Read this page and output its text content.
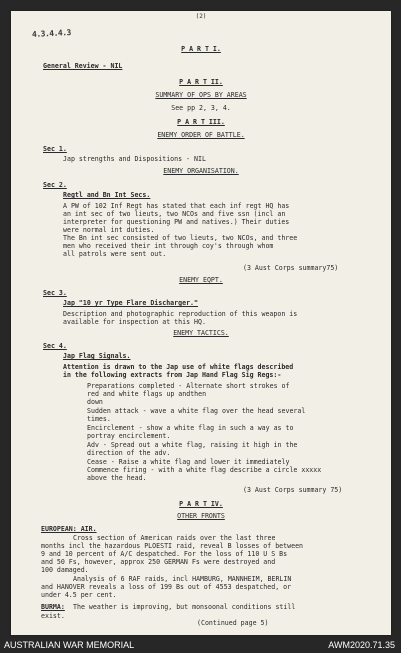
4.3.4.4.3
(2)
P A R T I.
General Review - NIL
P A R T II.
SUMMARY OF OPS BY AREAS
See pp 2, 3, 4.
P A R T III.
ENEMY ORDER OF BATTLE.
Sec 1.
Jap strengths and Dispositions - NIL
ENEMY ORGANISATION.
Sec 2.
Regtl and Bn Int Secs.
A PW of 102 Inf Regt has stated that each inf regt HQ has
an int sec of two lieuts, two NCOs and five ssn (incl an
interpreter for questioning PW and natives.) Their duties
were normal int duties.
The Bn int sec consisted of two lieuts, two NCOs, and three
men who received their int through coy's through whom
all patrols were sent out.
(3 Aust Corps summary75)
ENEMY EQPT.
Sec 3.
Jap "10 yr Type Flare Discharger."
Description and photographic reproduction of this weapon is
available for inspection at this HQ.
ENEMY TACTICS.
Sec 4.
Jap Flag Signals.
Attention is drawn to the Jap use of white flags described
in the following extracts from Jap Hand Flag Sig Regs:-
Preparations completed - Alternate short strokes of
red and white flags up andthen
down
Sudden attack - wave a white flag over the head several
times.
Encirclement - show a white flag in such a way as to
portray encirclement.
Adv - Spread out a white flag, raising it high in the
direction of the adv.
Cease - Raise a white flag and lower it immediately
Commence firing - with a white flag describe a circle xxxxx
above the head.
(3 Aust Corps summary 75)
P A R T IV.
OTHER FRONTS
EUROPEAN: AIR.
Cross section of American raids over the last three
months incl the hazardous PLOESTI raid, reveal B losses of between
9 and 10 percent of A/C despatched. For the loss of 110 U S Bs
and 50 Fs, however, approx 250 GERMAN Fs were destroyed and
100 damaged.
Analysis of 6 RAF raids, incl HAMBURG, MANNHEIM, BERLIN
and HANOVER reveals a loss of 199 Bs out of 4553 despatched, or
under 4.5 per cent.
BURMA: The weather is improving, but monsoonal conditions still
exist.
(Continued page 5)
AUSTRALIAN WAR MEMORIAL	AWM2020.71.35
